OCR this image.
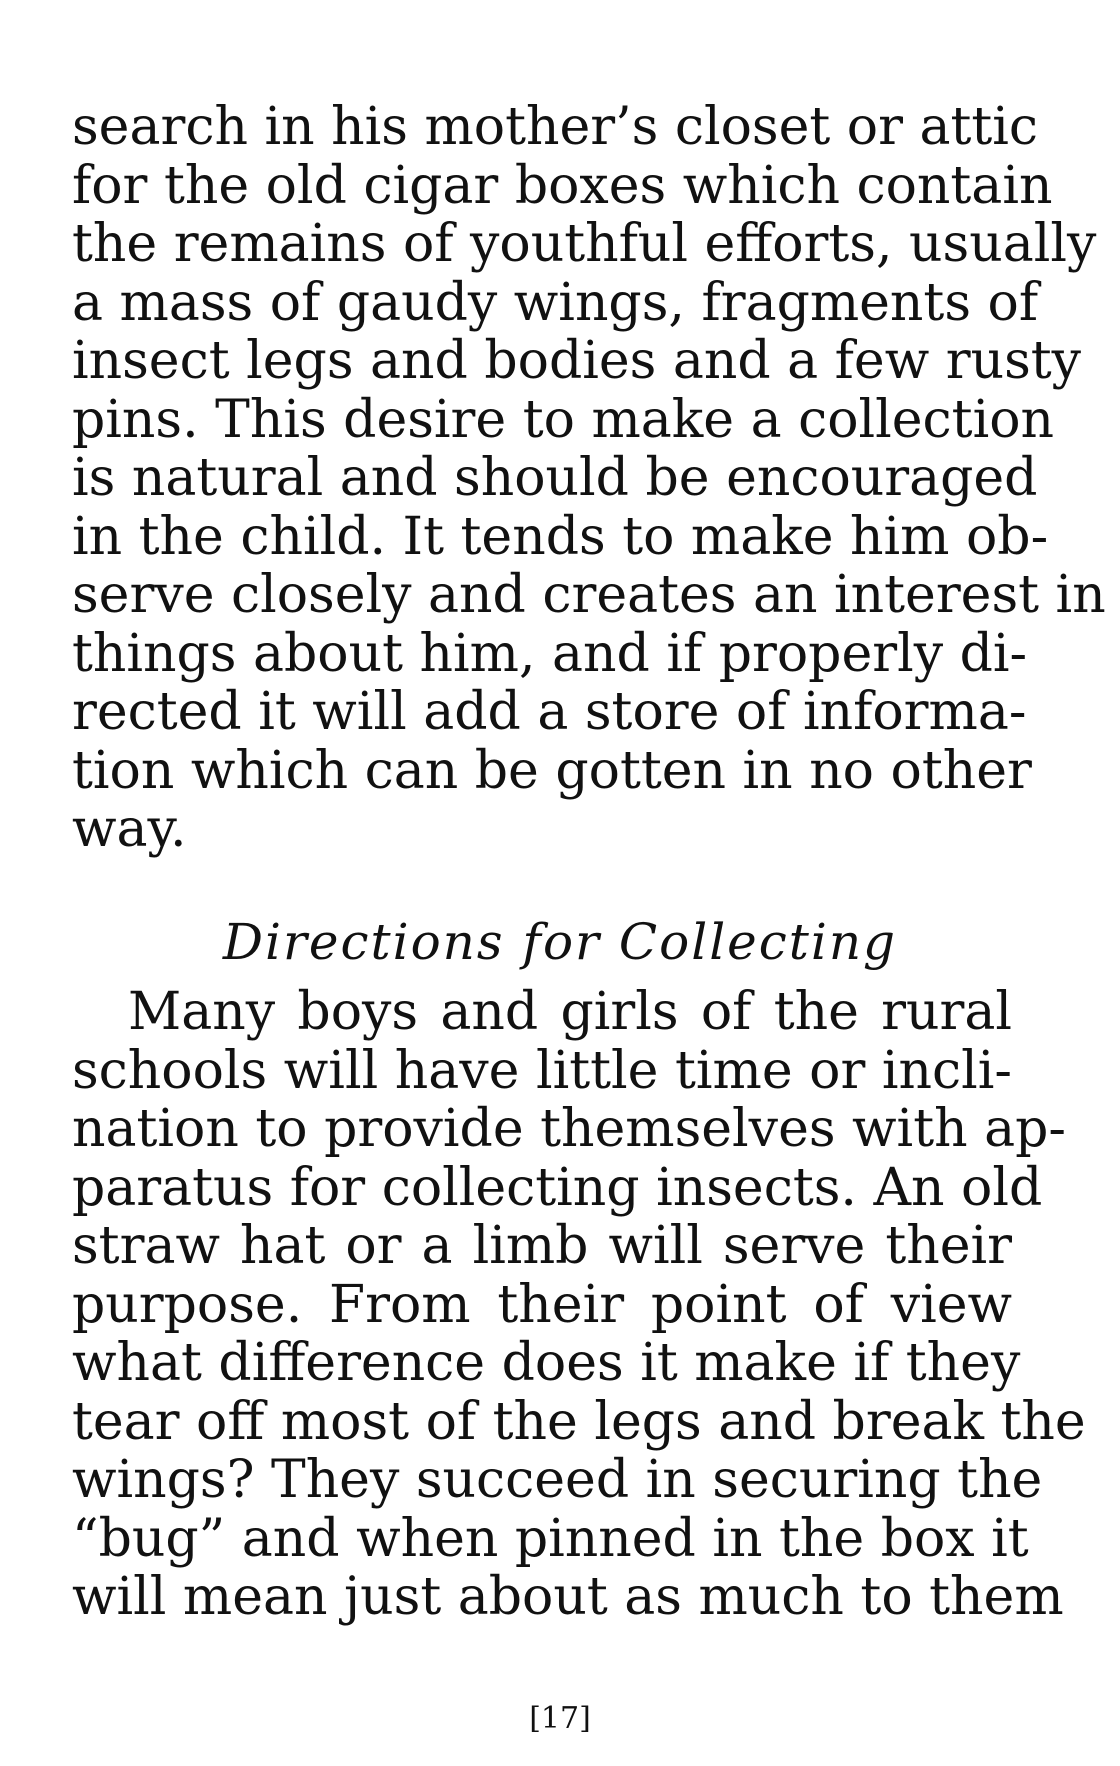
search in his mother’s closet or attic
for the old cigar boxes which contain
the remains of youthful efforts, usually
a mass of gaudy wings, fragments of
insect legs and bodies and a few rusty
pins. This desire to make a collection
is natural and should be encouraged
in the child. It tends to make him ob-
serve closely and creates an interest in
things about him, and if properly di-
rected it will add a store of informa-
tion which can be gotten in no other
way.
Directions for Collecting
Many boys and girls of the rural
schools will have little time or incli-
nation to provide themselves with ap-
paratus for collecting insects. An old
straw hat or a limb will serve their
purpose. From their point of view
what difference does it make if they
tear off most of the legs and break the
wings? They succeed in securing the
“bug” and when pinned in the box it
will mean just about as much to them
[17]
